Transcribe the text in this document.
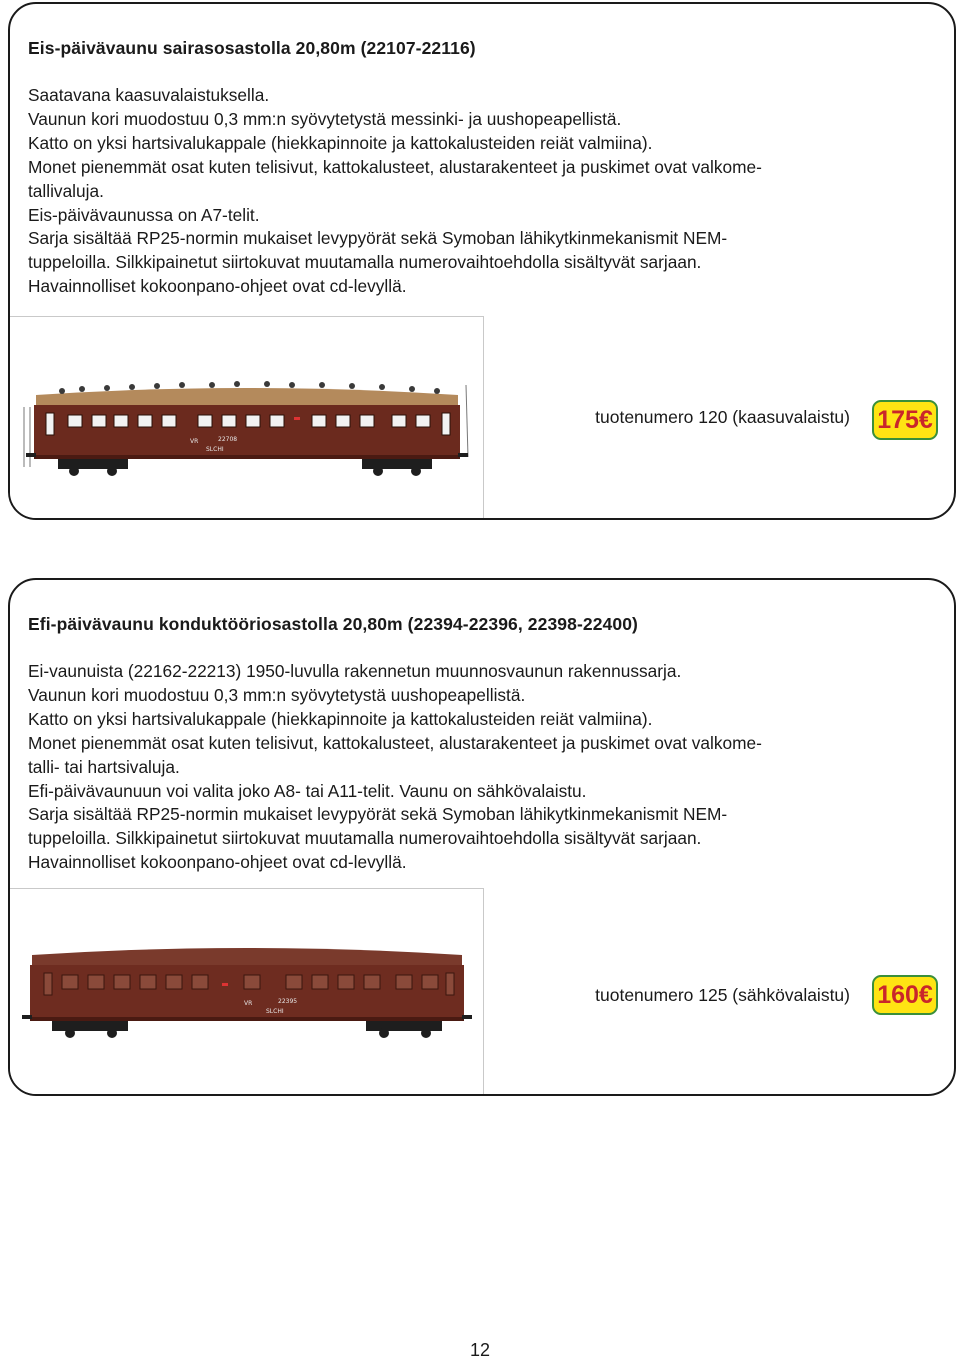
Eis-päivävaunu sairasosastolla 20,80m (22107-22116)
Saatavana kaasuvalaistuksella.
Vaunun kori muodostuu 0,3 mm:n syövytetystä messinki- ja uushopeapellistä.
Katto on yksi hartsivalukappale (hiekkapinnoite ja kattokalusteiden reiät valmiina).
Monet pienemmät osat kuten telisivut, kattokalusteet, alustarakenteet ja puskimet ovat valkome-
tallivaluja.
Eis-päivävaunussa on A7-telit.
Sarja sisältää RP25-normin mukaiset levypyörät sekä Symoban lähikytkinmekanismit NEM-
tuppeloilla. Silkkipainetut siirtokuvat muutamalla numerovaihtoehdolla sisältyvät sarjaan.
Havainnolliset kokoonpano-ohjeet ovat cd-levyllä.
VR	22708
SLCHI
tuotenumero 120 (kaasuvalaistu) 175€
Efi-päivävaunu konduktööriosastolla 20,80m (22394-22396, 22398-22400)
Ei-vaunuista (22162-22213) 1950-luvulla rakennetun muunnosvaunun rakennussarja.
Vaunun kori muodostuu 0,3 mm:n syövytetystä uushopeapellistä.
Katto on yksi hartsivalukappale (hiekkapinnoite ja kattokalusteiden reiät valmiina).
Monet pienemmät osat kuten telisivut, kattokalusteet, alustarakenteet ja puskimet ovat valkome-
talli- tai hartsivaluja.
Efi-päivävaunuun voi valita joko A8- tai A11-telit. Vaunu on sähkövalaistu.
Sarja sisältää RP25-normin mukaiset levypyörät sekä Symoban lähikytkinmekanismit NEM-
tuppeloilla. Silkkipainetut siirtokuvat muutamalla numerovaihtoehdolla sisältyvät sarjaan.
Havainnolliset kokoonpano-ohjeet ovat cd-levyllä.
VR	22395
SLCHI
tuotenumero 125 (sähkövalaistu) 160€
12
